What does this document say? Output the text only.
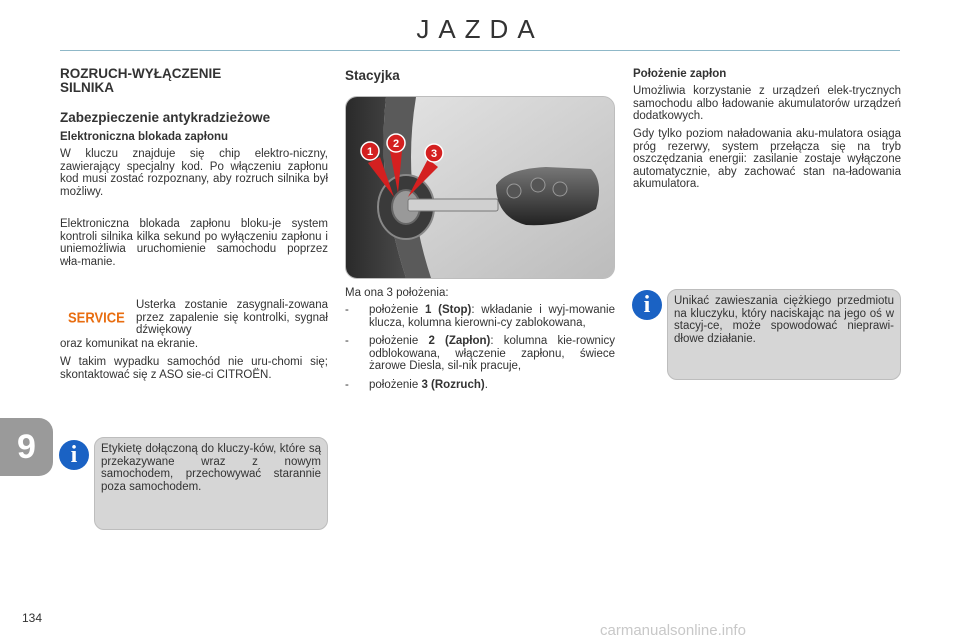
JAZDA
9
ROZRUCH-WYŁĄCZENIE
SILNIKA
Zabezpieczenie antykradzieżowe
Elektroniczna blokada zapłonu
W kluczu znajduje się chip elektro-niczny, zawierający specjalny kod. Po włączeniu zapłonu kod musi zostać rozpoznany, aby rozruch silnika był możliwy.
Elektroniczna blokada zapłonu bloku-je system kontroli silnika kilka sekund po wyłączeniu zapłonu i uniemożliwia uruchomienie samochodu poprzez wła-manie.
SERVICE
Usterka zostanie zasygnali-zowana przez zapalenie się kontrolki, sygnał dźwiękowy
oraz komunikat na ekranie.
W takim wypadku samochód nie uru-chomi się; skontaktować się z ASO sie-ci CITROËN.
i	Etykietę dołączoną do kluczy-ków, które są przekazywane wraz z nowym samochodem, przechowywać starannie poza samochodem.
Stacyjka
1
2
3
Ma ona 3 położenia:
- położenie 1 (Stop): wkładanie i wyj-mowanie klucza, kolumna kierowni-cy zablokowana,
- położenie 2 (Zapłon): kolumna kie-rownicy odblokowana, włączenie zapłonu, świece żarowe Diesla, sil-nik pracuje,
- położenie 3 (Rozruch).
Położenie zapłon
Umożliwia korzystanie z urządzeń elek-trycznych samochodu albo ładowanie akumulatorów urządzeń dodatkowych.
Gdy tylko poziom naładowania aku-mulatora osiąga próg rezerwy, system przełącza się na tryb oszczędzania energii: zasilanie zostaje wyłączone automatycznie, aby zachować stan na-ładowania akumulatora.
i	Unikać zawieszania ciężkiego przedmiotu na kluczyku, który naciskając na jego oś w stacyj-ce, może spowodować nieprawi-dłowe działanie.
134
carmanualsonline.info
